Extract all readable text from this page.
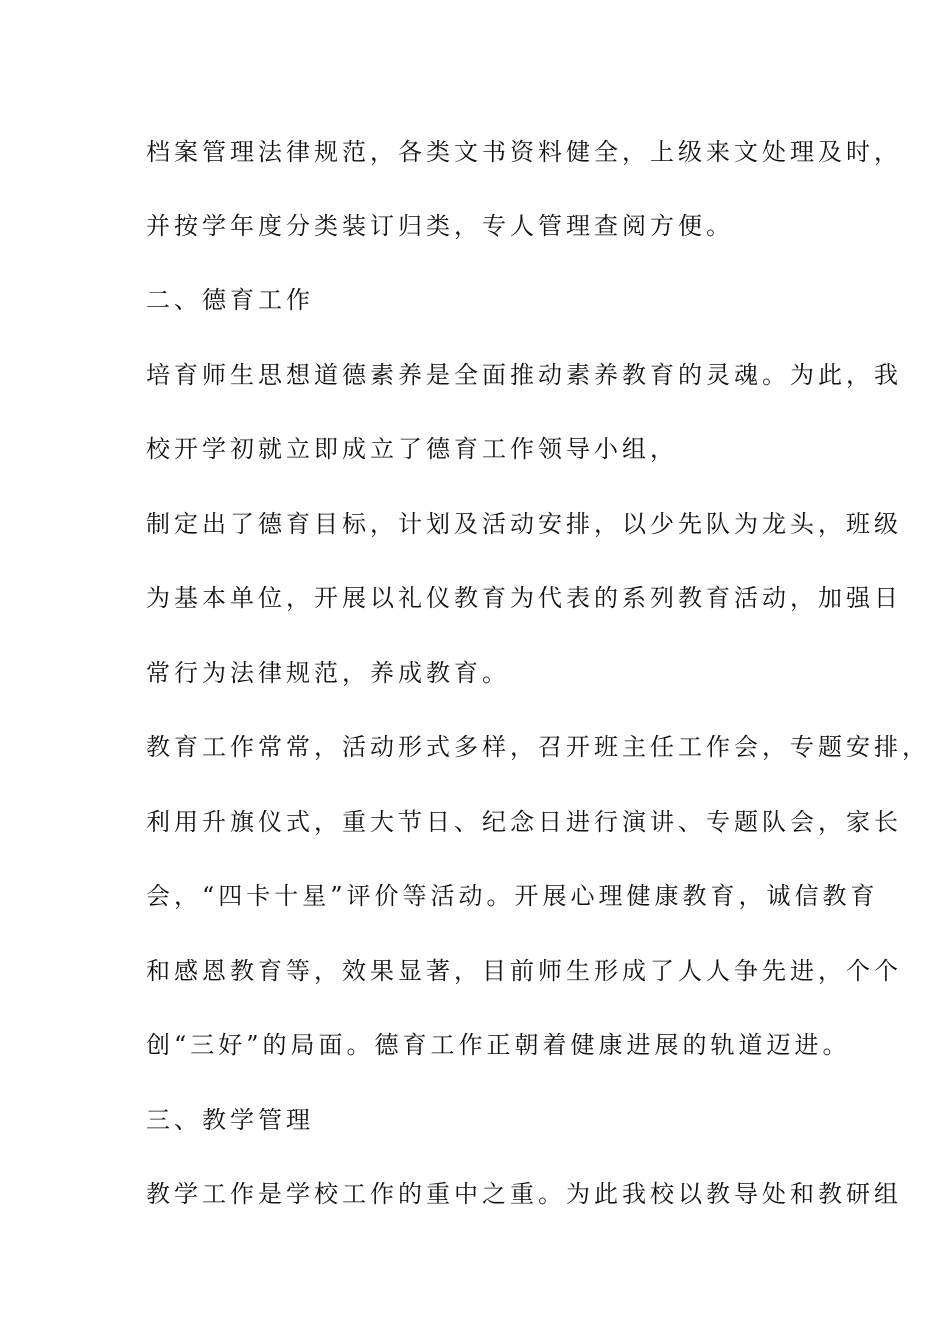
档案管理法律规范，各类文书资料健全，上级来文处理及时，
并按学年度分类装订归类，专人管理查阅方便。
二、德育工作
培育师生思想道德素养是全面推动素养教育的灵魂。为此，我
校开学初就立即成立了德育工作领导小组，
制定出了德育目标，计划及活动安排，以少先队为龙头，班级
为基本单位，开展以礼仪教育为代表的系列教育活动，加强日
常行为法律规范，养成教育。
教育工作常常，活动形式多样，召开班主任工作会，专题安排，
利用升旗仪式，重大节日、纪念日进行演讲、专题队会，家长
会，“四卡十星”评价等活动。开展心理健康教育，诚信教育
和感恩教育等，效果显著，目前师生形成了人人争先进，个个
创“三好”的局面。德育工作正朝着健康进展的轨道迈进。
三、教学管理
教学工作是学校工作的重中之重。为此我校以教导处和教研组
